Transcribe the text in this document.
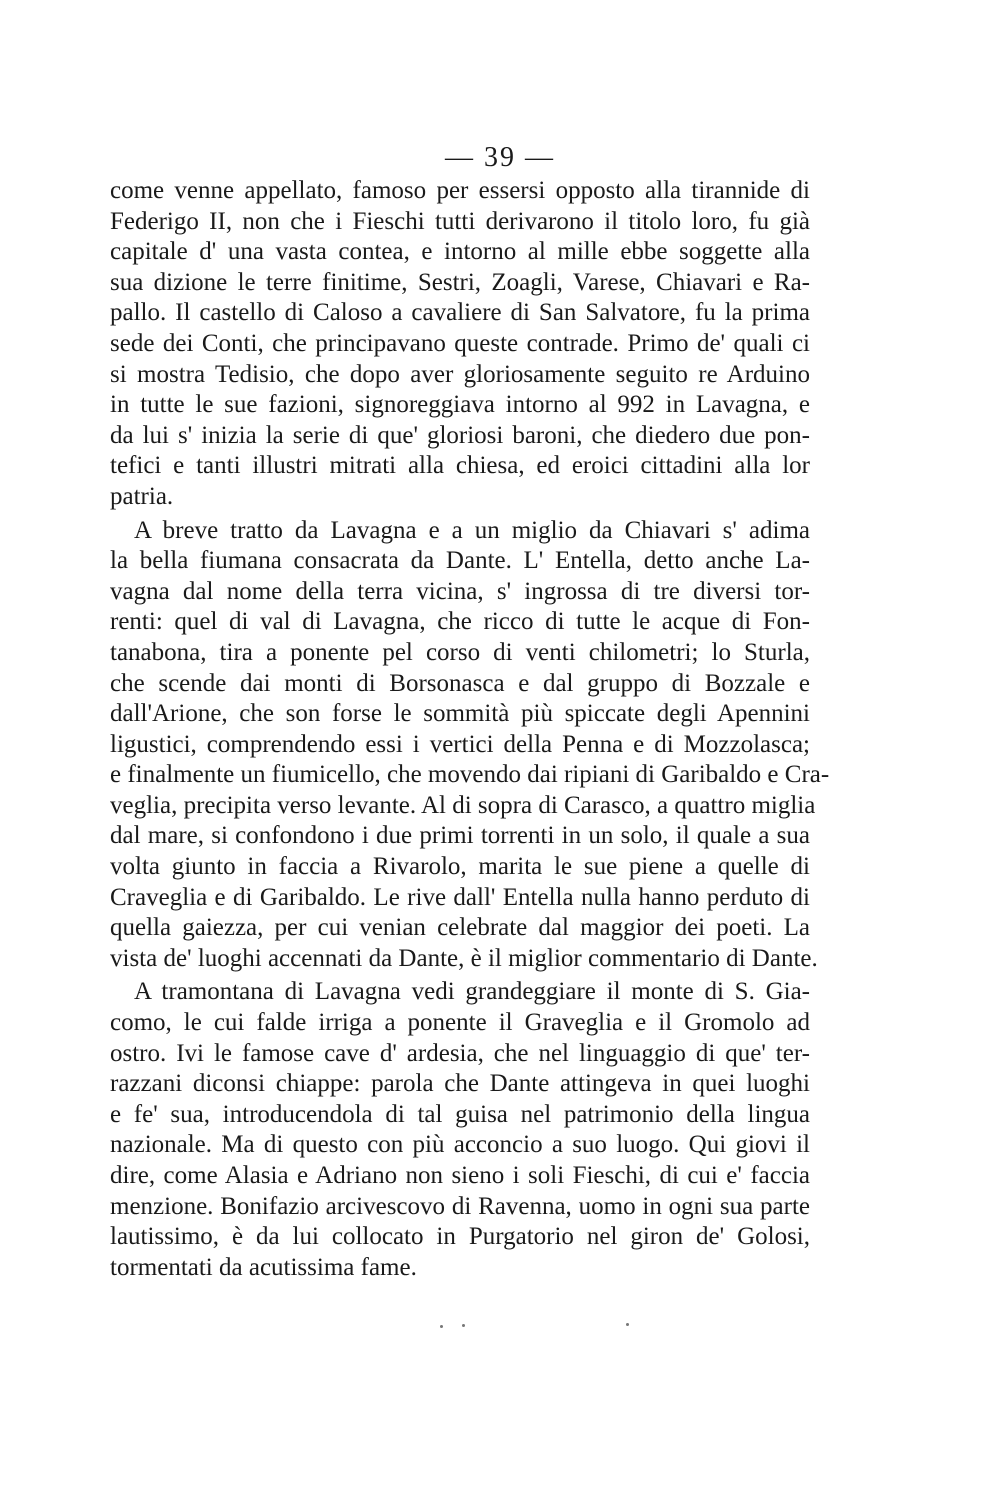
— 39 —
come venne appellato, famoso per essersi opposto alla tirannide di
Federigo II, non che i Fieschi tutti derivarono il titolo loro, fu già
capitale d' una vasta contea, e intorno al mille ebbe soggette alla
sua dizione le terre finitime, Sestri, Zoagli, Varese, Chiavari e Ra-
pallo. Il castello di Caloso a cavaliere di San Salvatore, fu la prima
sede dei Conti, che principavano queste contrade. Primo de' quali ci
si mostra Tedisio, che dopo aver gloriosamente seguito re Arduino
in tutte le sue fazioni, signoreggiava intorno al 992 in Lavagna, e
da lui s' inizia la serie di que' gloriosi baroni, che diedero due pon-
tefici e tanti illustri mitrati alla chiesa, ed eroici cittadini alla lor
patria.
A breve tratto da Lavagna e a un miglio da Chiavari s' adima
la bella fiumana consacrata da Dante. L' Entella, detto anche La-
vagna dal nome della terra vicina, s' ingrossa di tre diversi tor-
renti: quel di val di Lavagna, che ricco di tutte le acque di Fon-
tanabona, tira a ponente pel corso di venti chilometri; lo Sturla,
che scende dai monti di Borsonasca e dal gruppo di Bozzale e
dall'Arione, che son forse le sommità più spiccate degli Apennini
ligustici, comprendendo essi i vertici della Penna e di Mozzolasca;
e finalmente un fiumicello, che movendo dai ripiani di Garibaldo e Cra-
veglia, precipita verso levante. Al di sopra di Carasco, a quattro miglia
dal mare, si confondono i due primi torrenti in un solo, il quale a sua
volta giunto in faccia a Rivarolo, marita le sue piene a quelle di
Craveglia e di Garibaldo. Le rive dall' Entella nulla hanno perduto di
quella gaiezza, per cui venian celebrate dal maggior dei poeti. La
vista de' luoghi accennati da Dante, è il miglior commentario di Dante.
A tramontana di Lavagna vedi grandeggiare il monte di S. Gia-
como, le cui falde irriga a ponente il Graveglia e il Gromolo ad
ostro. Ivi le famose cave d' ardesia, che nel linguaggio di que' ter-
razzani diconsi chiappe: parola che Dante attingeva in quei luoghi
e fe' sua, introducendola di tal guisa nel patrimonio della lingua
nazionale. Ma di questo con più acconcio a suo luogo. Qui giovi il
dire, come Alasia e Adriano non sieno i soli Fieschi, di cui e' faccia
menzione. Bonifazio arcivescovo di Ravenna, uomo in ogni sua parte
lautissimo, è da lui collocato in Purgatorio nel giron de' Golosi,
tormentati da acutissima fame.
